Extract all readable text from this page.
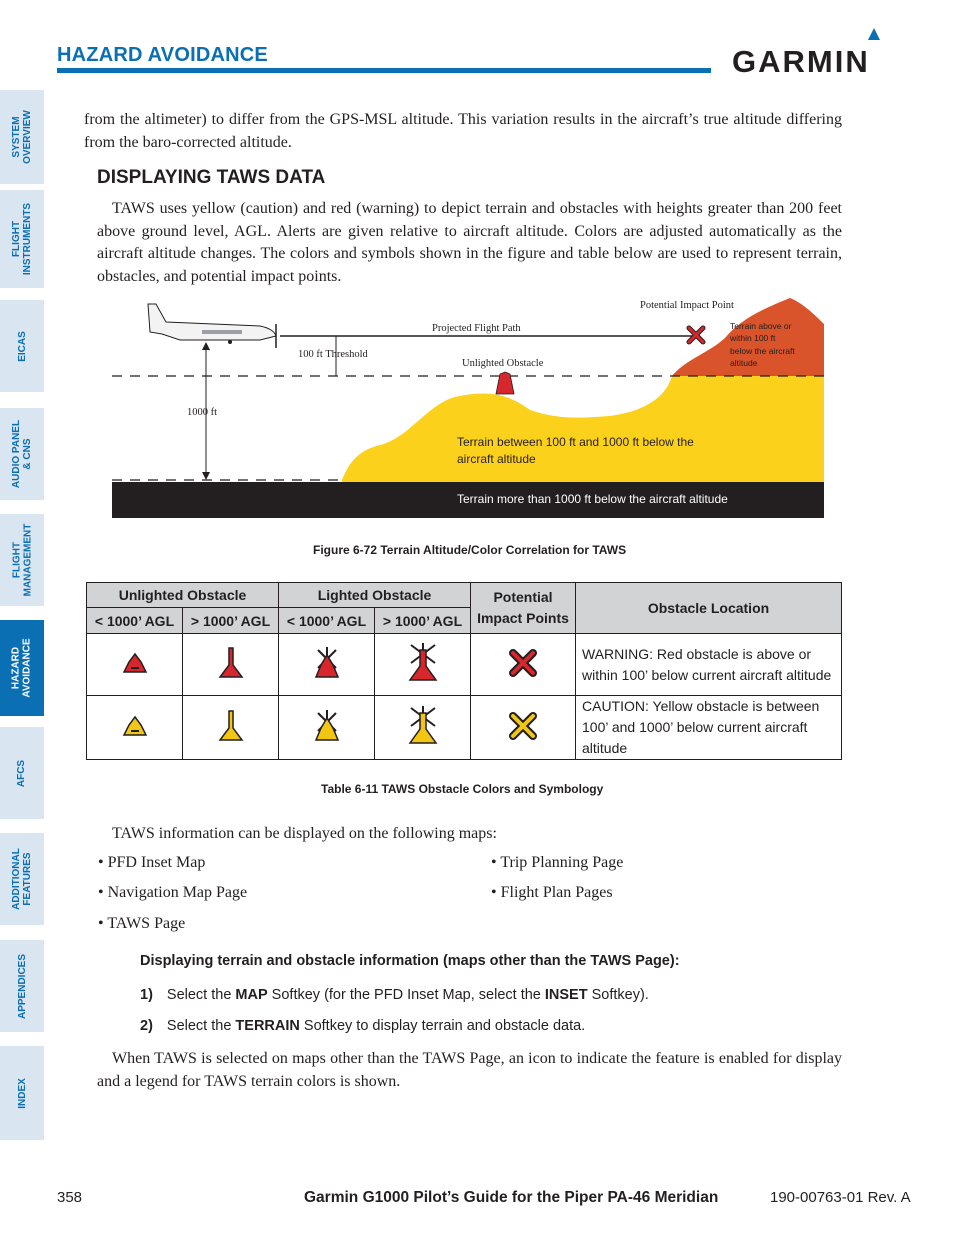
HAZARD AVOIDANCE	GARMIN
SYSTEM
OVERVIEW
FLIGHT
INSTRUMENTS
EICAS
AUDIO PANEL
& CNS
FLIGHT
MANAGEMENT
HAZARD
AVOIDANCE
AFCS
ADDITIONAL
FEATURES
APPENDICES
INDEX
from the altimeter) to differ from the GPS-MSL altitude. This variation results in the aircraft’s true altitude differing from the baro-corrected altitude.
DISPLAYING TAWS DATA
TAWS uses yellow (caution) and red (warning) to depict terrain and obstacles with heights greater than 200 feet above ground level, AGL. Alerts are given relative to aircraft altitude. Colors are adjusted automatically as the aircraft altitude changes. The colors and symbols shown in the figure and table below are used to represent terrain, obstacles, and potential impact points.
Potential Impact Point
Projected Flight Path
100 ft Threshold
Unlighted Obstacle
1000 ft
Terrain above or
within 100 ft
below the aircraft
altitude
Terrain between 100 ft and 1000 ft below the
aircraft altitude
Terrain more than 1000 ft below the aircraft altitude
Figure 6-72 Terrain Altitude/Color Correlation for TAWS
Unlighted Obstacle		Lighted Obstacle		Potential Impact Points	Obstacle Location
< 1000’ AGL	> 1000’ AGL	< 1000’ AGL	> 1000’ AGL		
					WARNING: Red obstacle is above or within 100’ below current aircraft altitude
					CAUTION: Yellow obstacle is between 100’ and 1000’ below current aircraft altitude
Table 6-11 TAWS Obstacle Colors and Symbology
TAWS information can be displayed on the following maps:
• PFD Inset Map
• Navigation Map Page
• TAWS Page
• Trip Planning Page
• Flight Plan Pages
Displaying terrain and obstacle information (maps other than the TAWS Page):
1) Select the MAP Softkey (for the PFD Inset Map, select the INSET Softkey).
2) Select the TERRAIN Softkey to display terrain and obstacle data.
When TAWS is selected on maps other than the TAWS Page, an icon to indicate the feature is enabled for display and a legend for TAWS terrain colors is shown.
358	Garmin G1000 Pilot’s Guide for the Piper PA-46 Meridian	190-00763-01 Rev. A
